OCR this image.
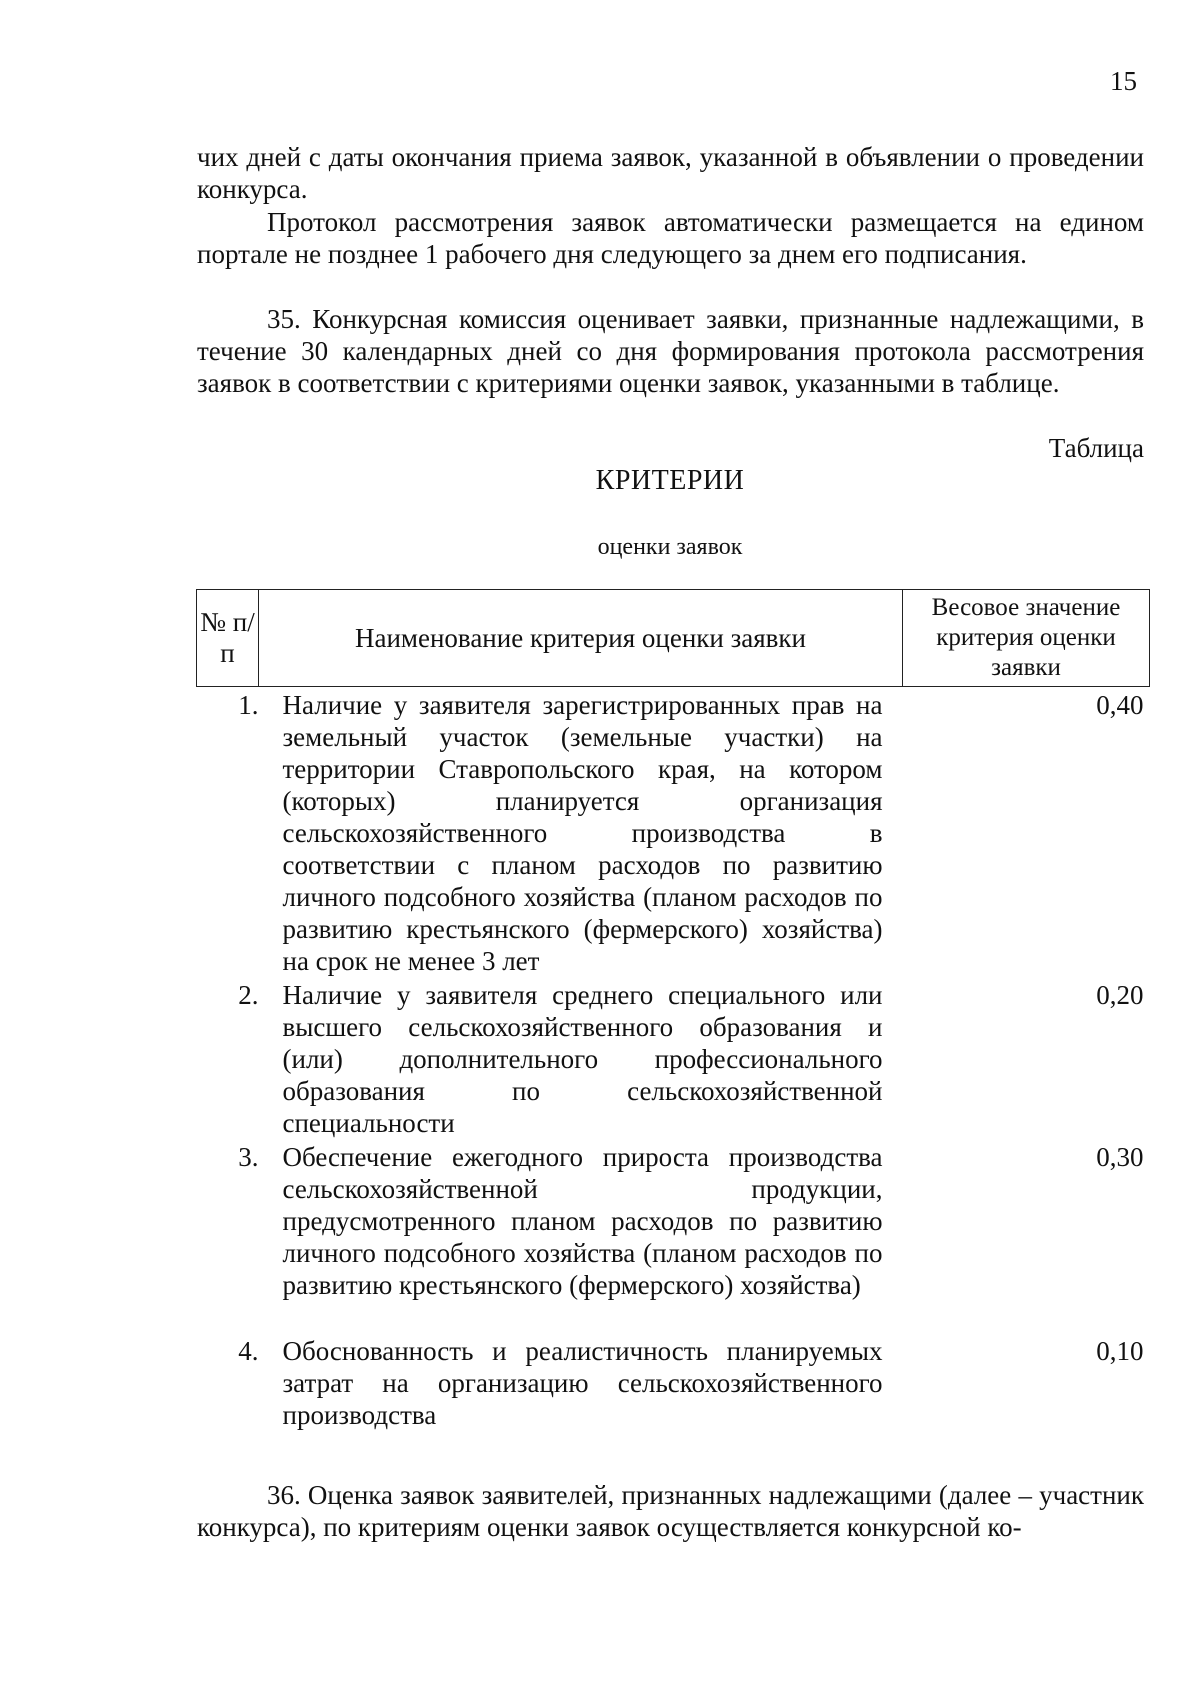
15

чих дней с даты окончания приема заявок, указанной в объявлении о проведении конкурса.

Протокол рассмотрения заявок автоматически размещается на едином портале не позднее 1 рабочего дня следующего за днем его подписания.

35. Конкурсная комиссия оценивает заявки, признанные надлежащими, в течение 30 календарных дней со дня формирования протокола рассмотрения заявок в соответствии с критериями оценки заявок, указанными в таблице.

Таблица
КРИТЕРИИ
оценки заявок
№ п/п	Наименование критерия оценки заявки	Весовое значение критерия оценки заявки
1.	Наличие у заявителя зарегистрированных прав на земельный участок (земельные участки) на территории Ставропольского края, на котором (которых) планируется организация сельскохозяйственного производства в соответствии с планом расходов по развитию личного подсобного хозяйства (планом расходов по развитию крестьянского (фермерского) хозяйства) на срок не менее 3 лет	0,40
2.	Наличие у заявителя среднего специального или высшего сельскохозяйственного образования и (или) дополнительного профессионального образования по сельскохозяйственной специальности	0,20
3.	Обеспечение ежегодного прироста производства сельскохозяйственной продукции, предусмотренного планом расходов по развитию личного подсобного хозяйства (планом расходов по развитию крестьянского (фермерского) хозяйства)	0,30
4.	Обоснованность и реалистичность планируемых затрат на организацию сельскохозяйственного производства	0,10

36. Оценка заявок заявителей, признанных надлежащими (далее – участник конкурса), по критериям оценки заявок осуществляется конкурсной ко-
